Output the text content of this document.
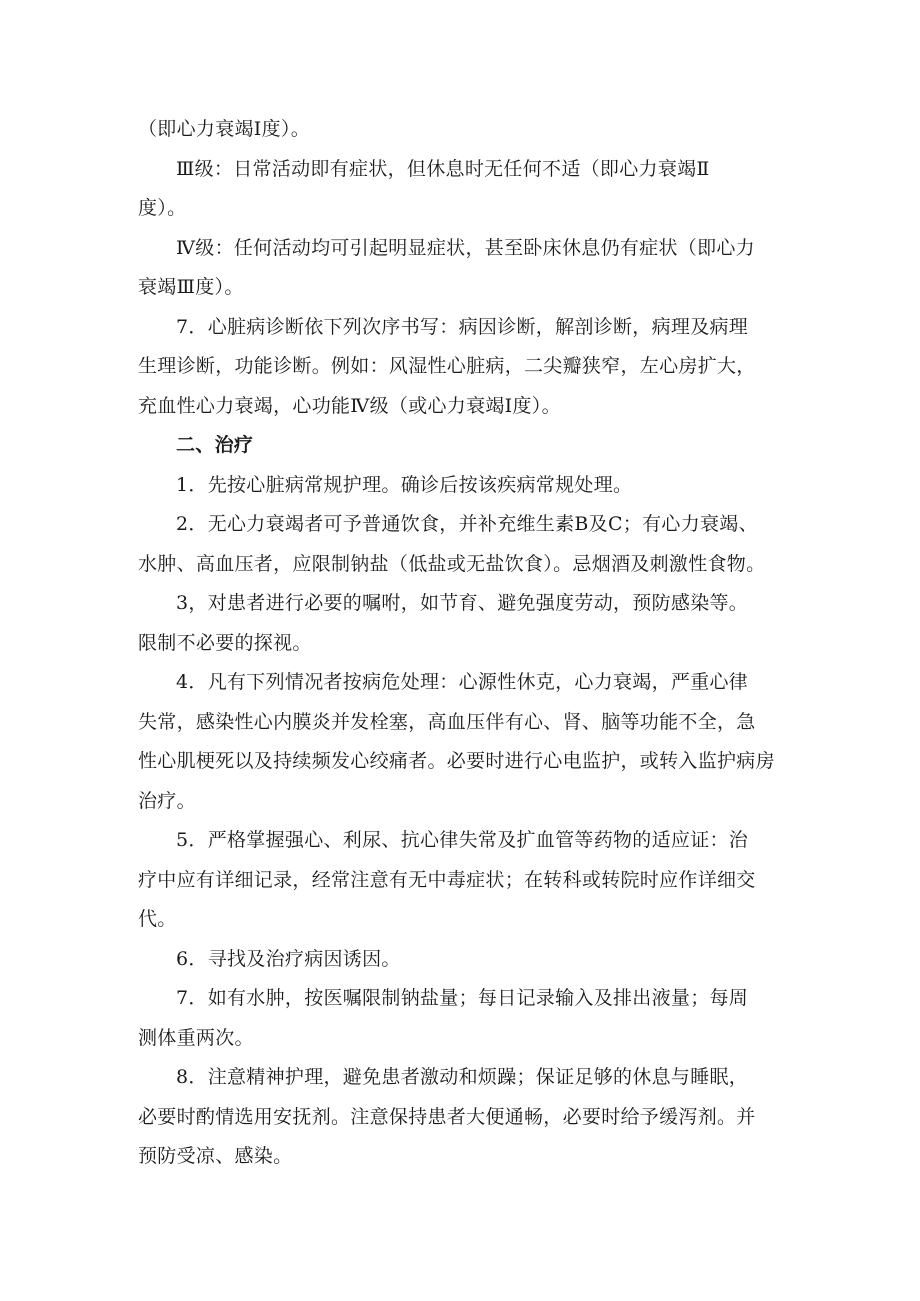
（即心力衰竭Ⅰ度）。

Ⅲ级：日常活动即有症状，但休息时无任何不适（即心力衰竭Ⅱ
度）。

Ⅳ级：任何活动均可引起明显症状，甚至卧床休息仍有症状（即心力
衰竭Ⅲ度）。

7．心脏病诊断依下列次序书写：病因诊断，解剖诊断，病理及病理
生理诊断，功能诊断。例如：风湿性心脏病，二尖瓣狭窄，左心房扩大，
充血性心力衰竭，心功能Ⅳ级（或心力衰竭Ⅰ度）。

二、治疗

1．先按心脏病常规护理。确诊后按该疾病常规处理。

2．无心力衰竭者可予普通饮食，并补充维生素B及C；有心力衰竭、
水肿、高血压者，应限制钠盐（低盐或无盐饮食）。忌烟酒及刺激性食物。

3，对患者进行必要的嘱咐，如节育、避免强度劳动，预防感染等。
限制不必要的探视。

4．凡有下列情况者按病危处理：心源性休克，心力衰竭，严重心律
失常，感染性心内膜炎并发栓塞，高血压伴有心、肾、脑等功能不全，急
性心肌梗死以及持续频发心绞痛者。必要时进行心电监护，或转入监护病房
治疗。

5．严格掌握强心、利尿、抗心律失常及扩血管等药物的适应证：治
疗中应有详细记录，经常注意有无中毒症状；在转科或转院时应作详细交
代。

6．寻找及治疗病因诱因。

7．如有水肿，按医嘱限制钠盐量；每日记录输入及排出液量；每周
测体重两次。

8．注意精神护理，避免患者激动和烦躁；保证足够的休息与睡眠，
必要时酌情选用安抚剂。注意保持患者大便通畅，必要时给予缓泻剂。并
预防受凉、感染。
